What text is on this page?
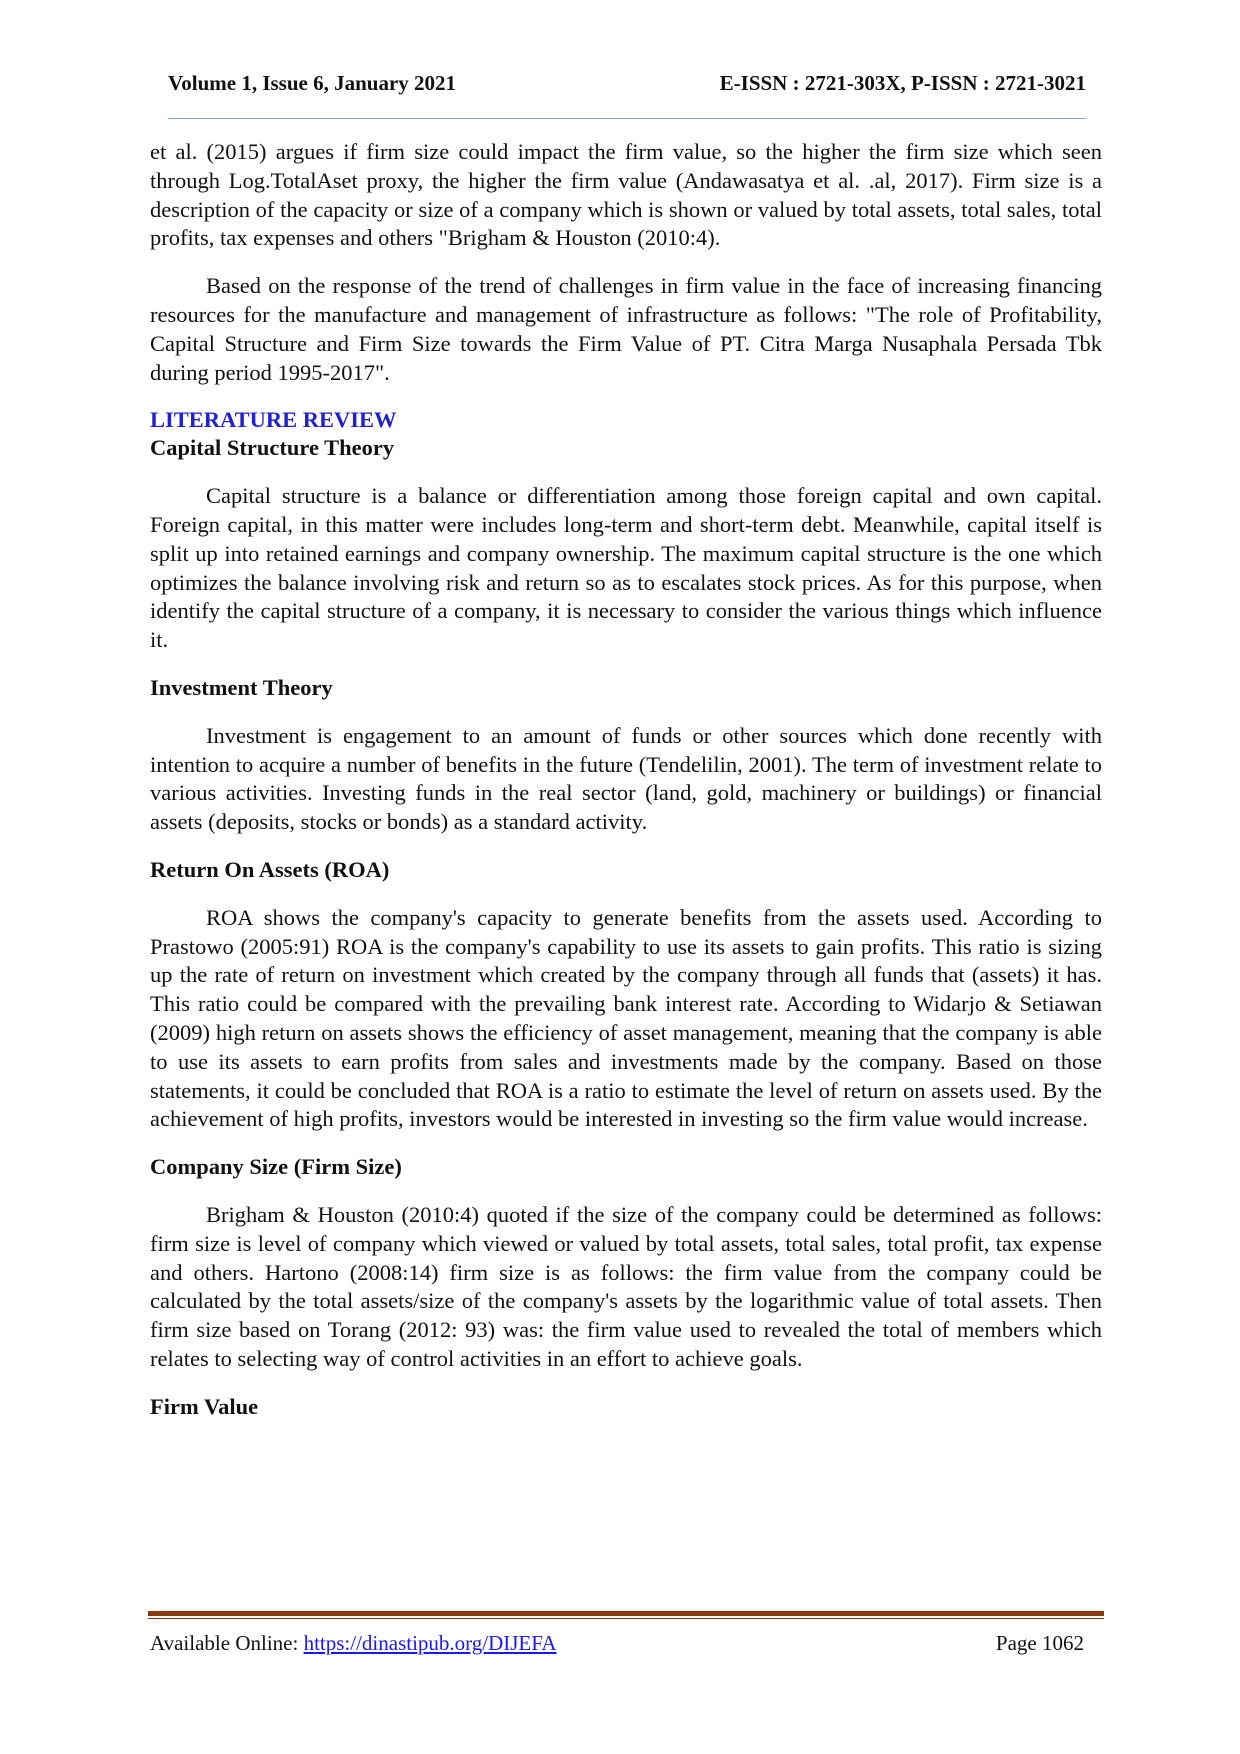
Volume 1, Issue 6, January 2021	E-ISSN : 2721-303X, P-ISSN : 2721-3021

et al. (2015) argues if firm size could impact the firm value, so the higher the firm size which seen through Log.TotalAset proxy, the higher the firm value (Andawasatya et al. .al, 2017). Firm size is a description of the capacity or size of a company which is shown or valued by total assets, total sales, total profits, tax expenses and others "Brigham & Houston (2010:4).

Based on the response of the trend of challenges in firm value in the face of increasing financing resources for the manufacture and management of infrastructure as follows: "The role of Profitability, Capital Structure and Firm Size towards the Firm Value of PT. Citra Marga Nusaphala Persada Tbk during period 1995-2017".

LITERATURE REVIEW
Capital Structure Theory

Capital structure is a balance or differentiation among those foreign capital and own capital. Foreign capital, in this matter were includes long-term and short-term debt. Meanwhile, capital itself is split up into retained earnings and company ownership. The maximum capital structure is the one which optimizes the balance involving risk and return so as to escalates stock prices. As for this purpose, when identify the capital structure of a company, it is necessary to consider the various things which influence it.

Investment Theory

Investment is engagement to an amount of funds or other sources which done recently with intention to acquire a number of benefits in the future (Tendelilin, 2001). The term of investment relate to various activities. Investing funds in the real sector (land, gold, machinery or buildings) or financial assets (deposits, stocks or bonds) as a standard activity.

Return On Assets (ROA)

ROA shows the company's capacity to generate benefits from the assets used. According to Prastowo (2005:91) ROA is the company's capability to use its assets to gain profits. This ratio is sizing up the rate of return on investment which created by the company through all funds that (assets) it has. This ratio could be compared with the prevailing bank interest rate. According to Widarjo & Setiawan (2009) high return on assets shows the efficiency of asset management, meaning that the company is able to use its assets to earn profits from sales and investments made by the company. Based on those statements, it could be concluded that ROA is a ratio to estimate the level of return on assets used. By the achievement of high profits, investors would be interested in investing so the firm value would increase.

Company Size (Firm Size)

Brigham & Houston (2010:4) quoted if the size of the company could be determined as follows: firm size is level of company which viewed or valued by total assets, total sales, total profit, tax expense and others. Hartono (2008:14) firm size is as follows: the firm value from the company could be calculated by the total assets/size of the company's assets by the logarithmic value of total assets. Then firm size based on Torang (2012: 93) was: the firm value used to revealed the total of members which relates to selecting way of control activities in an effort to achieve goals.

Firm Value
Available Online: https://dinastipub.org/DIJEFA	Page 1062
